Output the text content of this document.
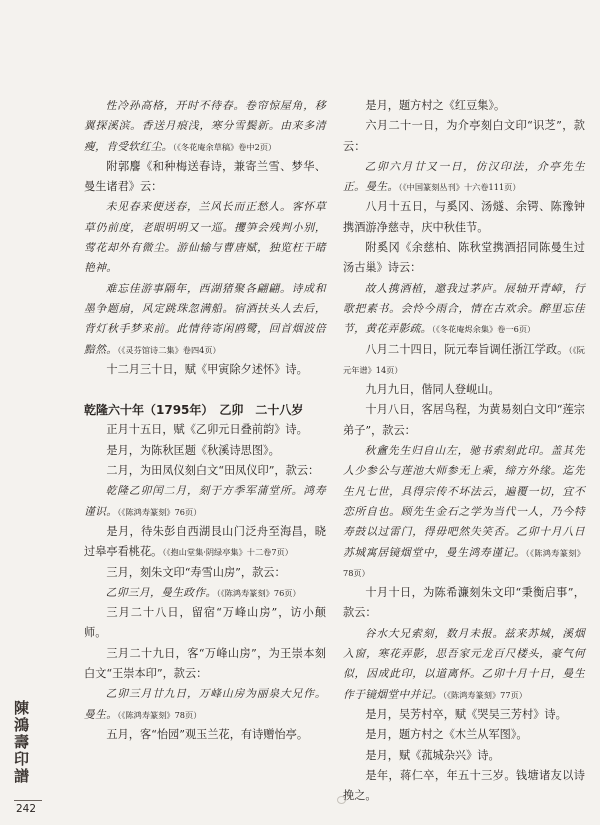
性冷孙高格，开时不待春。卷帘惊屋角，移翼探溪滨。香送月痕浅，寒分雪鬓新。由来多清瘦，肯受软红尘。（《冬花庵余草稿》卷中2页）

附郭麐《和种梅送春诗，兼寄兰雪、梦华、曼生诸君》云：

未见春来便送春，兰风长而正愁人。客怀草草仍前度，老眼明明又一巡。攫笋会残判小别，莺花却外有微尘。游仙输与曹唐赋，独览枉干睹艳神。

难忘佳游事隔年，西湖猪聚各翩翩。诗成和墨争题扇，风定跳珠忽满船。宿酒扶头人去后，背灯秋手梦来前。此情待寄闲鸥鹭，回首烟波倍黯然。（《灵芬馆诗二集》卷四4页）

十二月三十日，赋《甲寅除夕述怀》诗。

乾隆六十年（1795年）　乙卯　二十八岁

正月十五日，赋《乙卯元日叠前韵》诗。

是月，为陈秋匡题《秋溪诗思图》。

二月，为田凤仪刻白文“田凤仪印”，款云：

乾隆乙卯闰二月，刻于方季军蒲堂所。鸿寿谨识。（《陈鸿寿篆刻》76页）

是月，待朱彭自西湖艮山门泛舟至海昌，晓过皋亭看桃花。（《抱山堂集·阴绿亭集》十二卷7页）

三月，刻朱文印“寿雪山房”，款云：

乙卯三月，曼生政作。（《陈鸿寿篆刻》76页）

三月二十八日，留宿“万峰山房”，访小颠师。

三月二十九日，客“万峰山房”，为王崇本刻白文“王崇本印”，款云：

乙卯三月廿九日，万峰山房为丽泉大兄作。曼生。（《陈鸿寿篆刻》78页）

五月，客“怡园”观玉兰花，有诗赠怡亭。

是月，题方村之《红豆集》。

六月二十一日，为介亭刻白文印“识芝”，款云：

乙卯六月廿又一日，仿汉印法，介亭先生正。曼生。（《中国篆刻丛刊》十六卷111页）

八月十五日，与奚冈、汤燧、余锷、陈豫钟携酒游净慈寺，庆中秋佳节。

附奚冈《余慈柏、陈秋堂携酒招同陈曼生过汤古巢》诗云：

故人携酒植，邀我过茅庐。展轴开青嶂，行歌把素书。会怜今雨合，情在古欢余。醉里忘佳节，黄花弄影疏。（《冬花庵烬余集》卷一6页）

八月二十四日，阮元奉旨调任浙江学政。（《阮元年谱》14页）

九月九日，偕同人登岘山。

十月八日，客居鸟程，为黄易刻白文印“莲宗弟子”，款云：

秋盦先生归自山左，驰书索刻此印。盖其先人少参公与莲池大师参无上乘，缔方外缘。迄先生凡七世，具得宗传不坏法云，遍覆一切，宜不恋所自也。顾先生金石之学为当代一人，乃今特寿鼓以过雷门，得毋吧然失笑否。乙卯十月八日苏城寓居镜烟堂中，曼生鸿寿谨记。（《陈鸿寿篆刻》78页）

十月十日，为陈希濂刻朱文印“秉衡启事”，款云：

谷水大兄索刻，数月未报。兹来苏城，溪烟入窗，寒花弄影，思吾家元龙百尺楼头，豪气何似，因成此印，以道离怀。乙卯十月十日，曼生作于镜烟堂中并记。（《陈鸿寿篆刻》77页）

是月，吴芳村卒，赋《哭吴三芳村》诗。

是月，题方村之《木兰从军图》。

是月，赋《菰城杂兴》诗。

是年，蒋仁卒，年五十三岁。钱塘诸友以诗挽之。

陳鴻壽印譜
242
